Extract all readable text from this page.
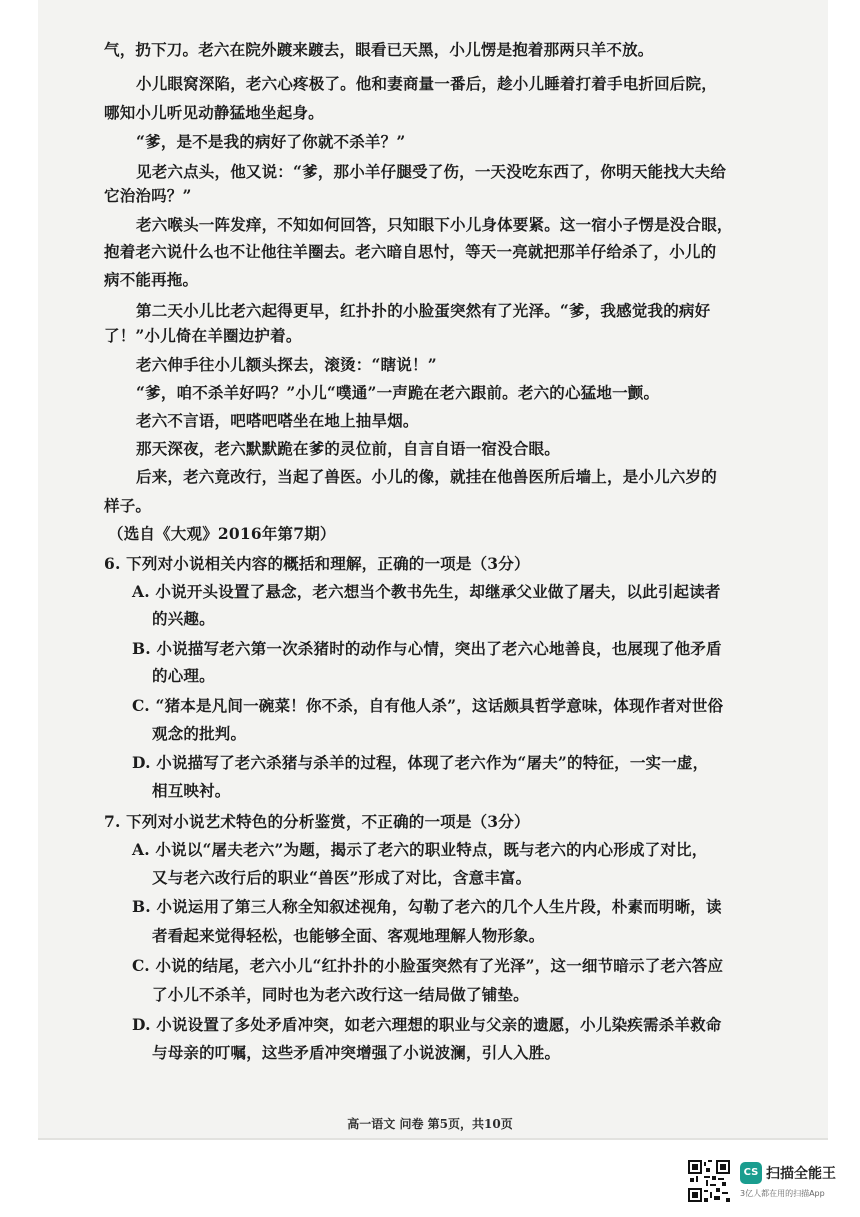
气，扔下刀。老六在院外踱来踱去，眼看已天黑，小儿愣是抱着那两只羊不放。
小儿眼窝深陷，老六心疼极了。他和妻商量一番后，趁小儿睡着打着手电折回后院，
哪知小儿听见动静猛地坐起身。
“爹，是不是我的病好了你就不杀羊？”
见老六点头，他又说：“爹，那小羊仔腿受了伤，一天没吃东西了，你明天能找大夫给
它治治吗？”
老六喉头一阵发痒，不知如何回答，只知眼下小儿身体要紧。这一宿小子愣是没合眼，
抱着老六说什么也不让他往羊圈去。老六暗自思忖，等天一亮就把那羊仔给杀了，小儿的
病不能再拖。
第二天小儿比老六起得更早，红扑扑的小脸蛋突然有了光泽。“爹，我感觉我的病好
了！”小儿倚在羊圈边护着。
老六伸手往小儿额头探去，滚烫：“瞎说！”
“爹，咱不杀羊好吗？”小儿“噗通”一声跪在老六跟前。老六的心猛地一颤。
老六不言语，吧嗒吧嗒坐在地上抽旱烟。
那天深夜，老六默默跪在爹的灵位前，自言自语一宿没合眼。
后来，老六竟改行，当起了兽医。小儿的像，就挂在他兽医所后墙上，是小儿六岁的
样子。
（选自《大观》2016年第7期）
6. 下列对小说相关内容的概括和理解，正确的一项是（3分）
A. 小说开头设置了悬念，老六想当个教书先生，却继承父业做了屠夫，以此引起读者
的兴趣。
B. 小说描写老六第一次杀猪时的动作与心情，突出了老六心地善良，也展现了他矛盾
的心理。
C. “猪本是凡间一碗菜！你不杀，自有他人杀”，这话颇具哲学意味，体现作者对世俗
观念的批判。
D. 小说描写了老六杀猪与杀羊的过程，体现了老六作为“屠夫”的特征，一实一虚，
相互映衬。
7. 下列对小说艺术特色的分析鉴赏，不正确的一项是（3分）
A. 小说以“屠夫老六”为题，揭示了老六的职业特点，既与老六的内心形成了对比，
又与老六改行后的职业“兽医”形成了对比，含意丰富。
B. 小说运用了第三人称全知叙述视角，勾勒了老六的几个人生片段，朴素而明晰，读
者看起来觉得轻松，也能够全面、客观地理解人物形象。
C. 小说的结尾，老六小儿“红扑扑的小脸蛋突然有了光泽”，这一细节暗示了老六答应
了小儿不杀羊，同时也为老六改行这一结局做了铺垫。
D. 小说设置了多处矛盾冲突，如老六理想的职业与父亲的遗愿，小儿染疾需杀羊救命
与母亲的叮嘱，这些矛盾冲突增强了小说波澜，引人入胜。
高一语文 问卷 第5页，共10页
CS 扫描全能王
3亿人都在用的扫描App
